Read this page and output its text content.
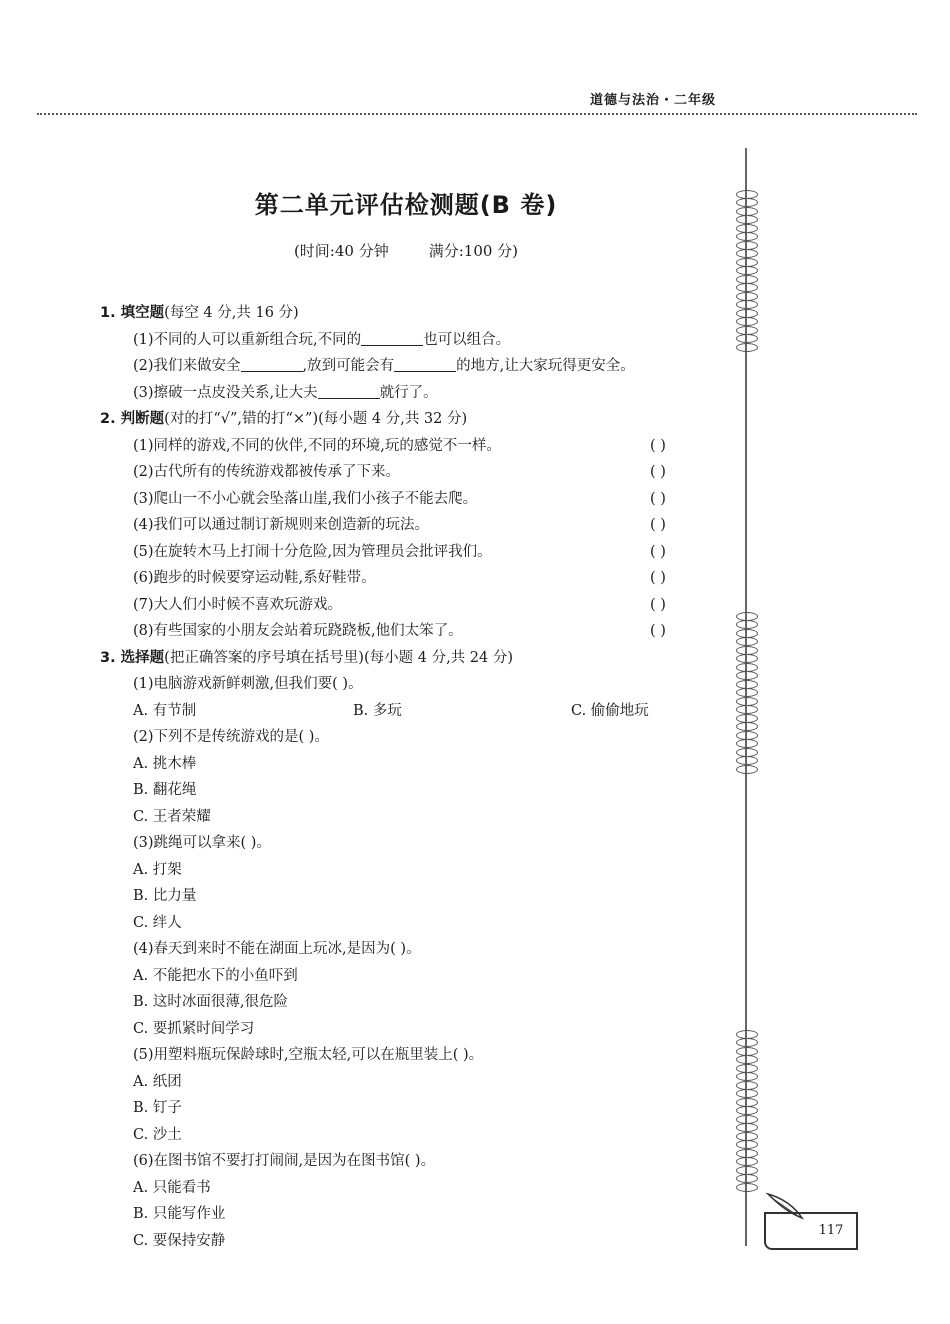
道德与法治・二年级
第二单元评估检测题(B 卷)
(时间:40 分钟	满分:100 分)
1. 填空题(每空 4 分,共 16 分)
(1)不同的人可以重新组合玩,不同的	也可以组合。
(2)我们来做安全	,放到可能会有	的地方,让大家玩得更安全。
(3)擦破一点皮没关系,让大夫	就行了。
2. 判断题(对的打“√”,错的打“×”)(每小题 4 分,共 32 分)
(1)同样的游戏,不同的伙伴,不同的环境,玩的感觉不一样。	( )
(2)古代所有的传统游戏都被传承了下来。	( )
(3)爬山一不小心就会坠落山崖,我们小孩子不能去爬。	( )
(4)我们可以通过制订新规则来创造新的玩法。	( )
(5)在旋转木马上打闹十分危险,因为管理员会批评我们。	( )
(6)跑步的时候要穿运动鞋,系好鞋带。	( )
(7)大人们小时候不喜欢玩游戏。	( )
(8)有些国家的小朋友会站着玩跷跷板,他们太笨了。	( )
3. 选择题(把正确答案的序号填在括号里)(每小题 4 分,共 24 分)
(1)电脑游戏新鲜刺激,但我们要( )。
A. 有节制	B. 多玩	C. 偷偷地玩
(2)下列不是传统游戏的是( )。
A. 挑木棒
B. 翻花绳
C. 王者荣耀
(3)跳绳可以拿来( )。
A. 打架
B. 比力量
C. 绊人
(4)春天到来时不能在湖面上玩冰,是因为( )。
A. 不能把水下的小鱼吓到
B. 这时冰面很薄,很危险
C. 要抓紧时间学习
(5)用塑料瓶玩保龄球时,空瓶太轻,可以在瓶里装上( )。
A. 纸团
B. 钉子
C. 沙土
(6)在图书馆不要打打闹闹,是因为在图书馆( )。
A. 只能看书
B. 只能写作业
C. 要保持安静
117
